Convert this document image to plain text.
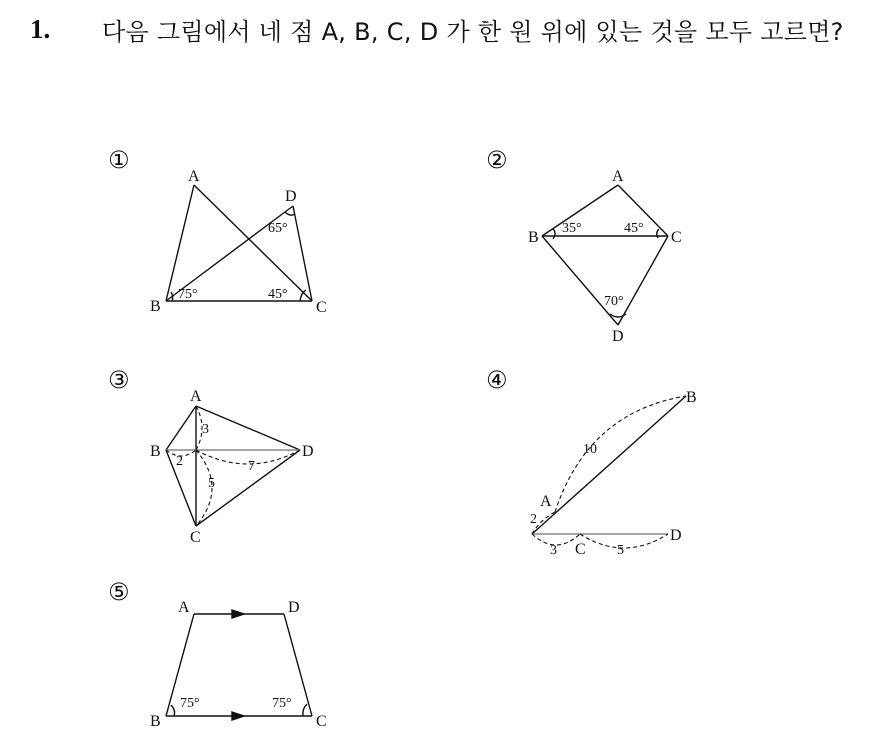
1. 다음 그림에서 네 점 A, B, C, D 가 한 원 위에 있는 것을 모두 고르면?
①	②
③	④
⑤
A
B	C
D
65°
75°	45°
A
B	C
D
35°	45°
70°
A
B
C
D
3
2	7
5
A
B
C
D
2
10
3	5
A
B	C
D
75°	75°
